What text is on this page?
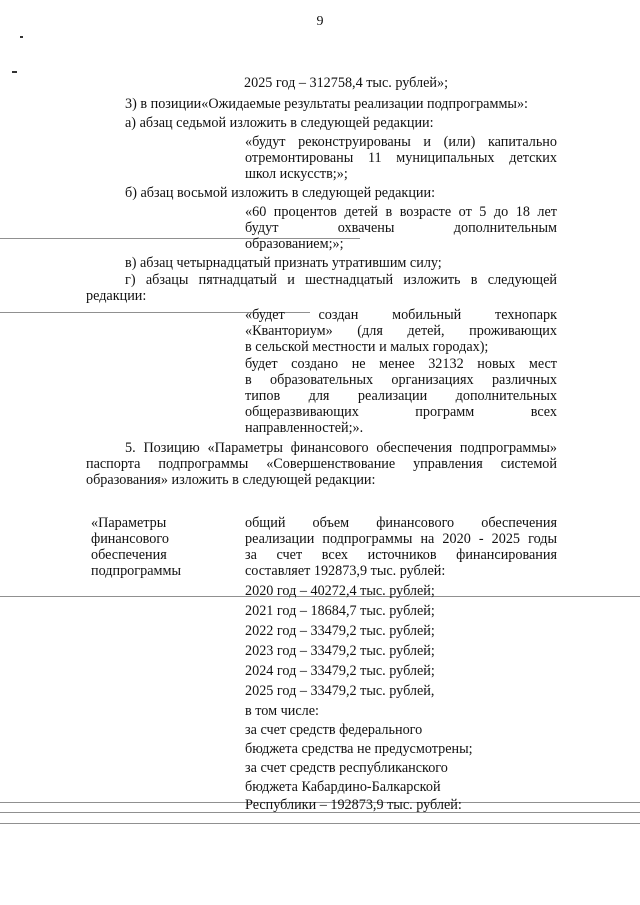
9
2025 год – 312758,4 тыс. рублей»;
3) в позиции«Ожидаемые результаты реализации подпрограммы»:
а) абзац седьмой изложить в следующей редакции:
«будут реконструированы и (или) капитально
отремонтированы 11 муниципальных детских
школ искусств;»;
б) абзац восьмой изложить в следующей редакции:
«60 процентов детей в возрасте от 5 до 18 лет
будут охвачены дополнительным
образованием;»;
в) абзац четырнадцатый признать утратившим силу;
г) абзацы пятнадцатый и шестнадцатый изложить в следующей
редакции:
«будет создан мобильный технопарк
«Кванториум» (для детей, проживающих
в сельской местности и малых городах);
будет создано не менее 32132 новых мест
в образовательных организациях различных
типов для реализации дополнительных
общеразвивающих программ всех
направленностей;».
5. Позицию «Параметры финансового обеспечения подпрограммы»
паспорта подпрограммы «Совершенствование управления системой
образования» изложить в следующей редакции:
«Параметры
финансового
обеспечения
подпрограммы
общий объем финансового обеспечения
реализации подпрограммы на 2020 - 2025 годы
за счет всех источников финансирования
составляет 192873,9 тыс. рублей:
2020 год – 40272,4 тыс. рублей;
2021 год – 18684,7 тыс. рублей;
2022 год – 33479,2 тыс. рублей;
2023 год – 33479,2 тыс. рублей;
2024 год – 33479,2 тыс. рублей;
2025 год – 33479,2 тыс. рублей,
в том числе:
за счет средств федерального
бюджета средства не предусмотрены;
за счет средств республиканского
бюджета Кабардино-Балкарской
Республики – 192873,9 тыс. рублей:
